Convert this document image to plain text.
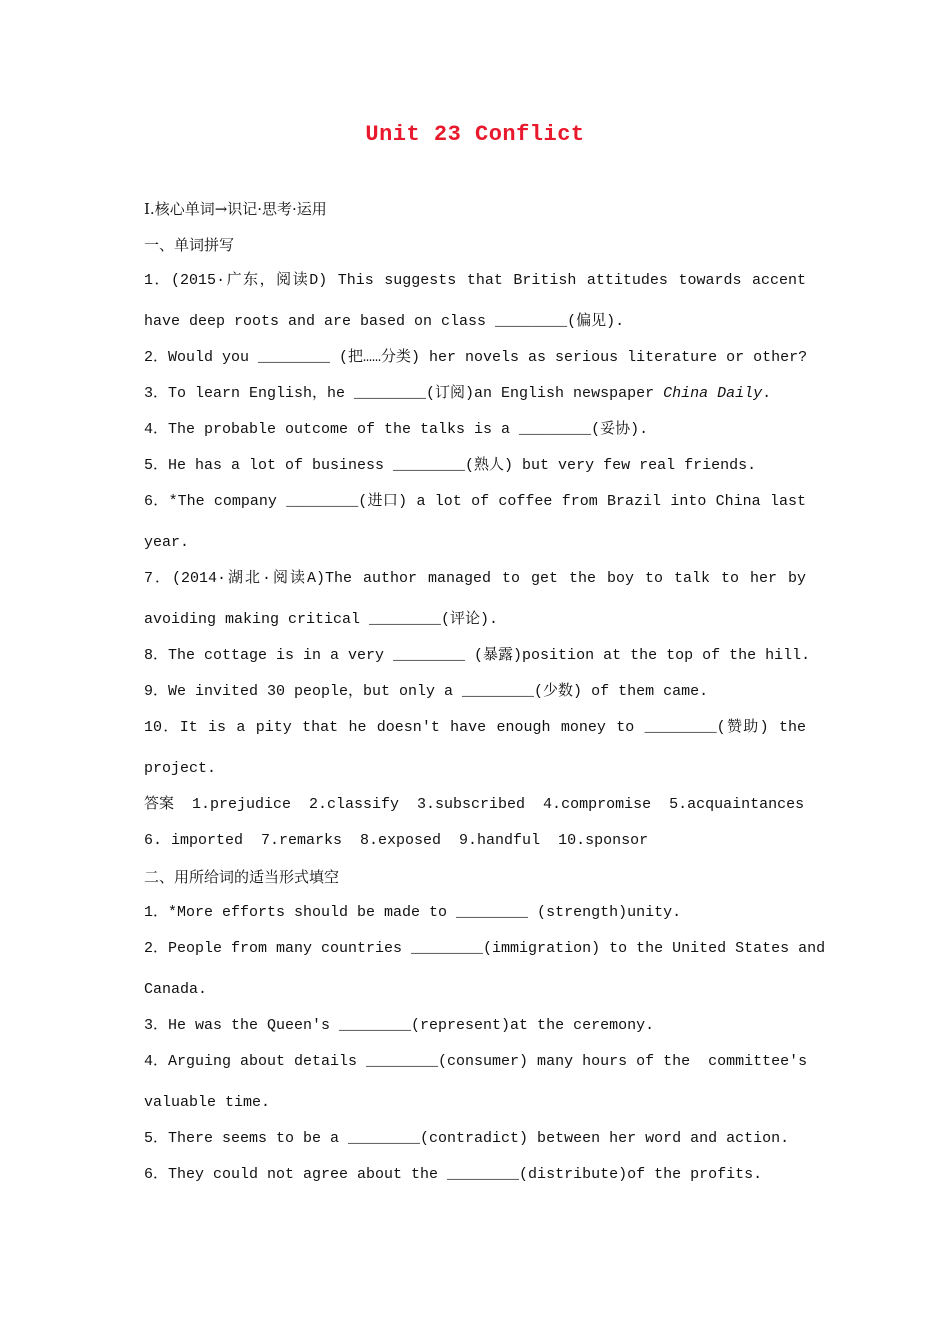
Unit 23 Conflict
Ⅰ.核心单词→识记·思考·运用
一、单词拼写
1．(2015·广东，阅读D) This suggests that British attitudes towards accent
have deep roots and are based on class ________(偏见).
2．Would you ________ (把……分类) her novels as serious literature or other?
3．To learn English，he ________(订阅)an English newspaper China Daily.
4．The probable outcome of the talks is a ________(妥协).
5．He has a lot of business ________(熟人) but very few real friends.
6．*The company ________(进口) a lot of coffee from Brazil into China last
year.
7．(2014·湖北·阅读A)The author managed to get the boy to talk to her by
avoiding making critical ________(评论).
8．The cottage is in a very ________ (暴露)position at the top of the hill.
9．We invited 30 people，but only a ________(少数) of them came.
10．It is a pity that he doesn't have enough money to ________(赞助) the
project.
答案  1.prejudice  2.classify  3.subscribed  4.compromise  5.acquaintances
6. imported  7.remarks  8.exposed  9.handful  10.sponsor
二、用所给词的适当形式填空
1．*More efforts should be made to ________ (strength)unity.
2．People from many countries ________(immigration) to the United States and
Canada.
3．He was the Queen's ________(represent)at the ceremony.
4．Arguing about details ________(consumer) many hours of the  committee's
valuable time.
5．There seems to be a ________(contradict) between her word and action.
6．They could not agree about the ________(distribute)of the profits.
